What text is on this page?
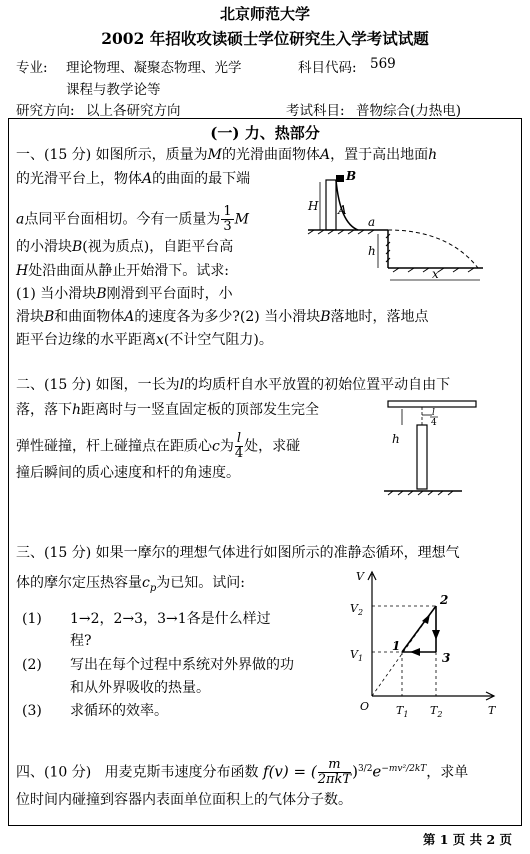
北京师范大学
2002 年招收攻读硕士学位研究生入学考试试题
专业: 理论物理、凝聚态物理、光学	科目代码: 569
课程与教学论等
研究方向: 以上各研究方向	考试科目: 普物综合(力热电)
(一) 力、热部分
一、(15 分) 如图所示，质量为M的光滑曲面物体A，置于高出地面h
的光滑平台上，物体A的曲面的最下端
a点同平台面相切。今有一质量为 $\frac{1}{3}$ M
的小滑块B(视为质点)，自距平台高
H处沿曲面从静止开始滑下。试求:
(1) 当小滑块B刚滑到平台面时，小
滑块B和曲面物体A的速度各为多少?(2) 当小滑块B落地时，落地点
距平台边缘的水平距离x(不计空气阻力)。
B
H A
a
h
x
二、(15 分) 如图，一长为l的均质杆自水平放置的初始位置平动自由下
落，落下h距离时与一竖直固定板的顶部发生完全
弹性碰撞，杆上碰撞点在距质心c为 $\frac{l}{4}$ 处，求碰
撞后瞬间的质心速度和杆的角速度。
h
l
4
三、(15 分) 如果一摩尔的理想气体进行如图所示的准静态循环，理想气
体的摩尔定压热容量$c_p$为已知。试问:
(1) 1→2，2→3，3→1各是什么样过
程?
(2) 写出在每个过程中系统对外界做的功
和从外界吸收的热量。
(3) 求循环的效率。
V
T
O
$V_2$
$V_1$
$T_1$ $T_2$
1
2
3
四、(10 分) 用麦克斯韦速度分布函数 f(v) = ( $\frac{m}{\text{2πkT}} )^{3/2}e^{-mv^2/2kT}$，求单
位时间内碰撞到容器内表面单位面积上的气体分子数。
第 1 页 共 2 页
